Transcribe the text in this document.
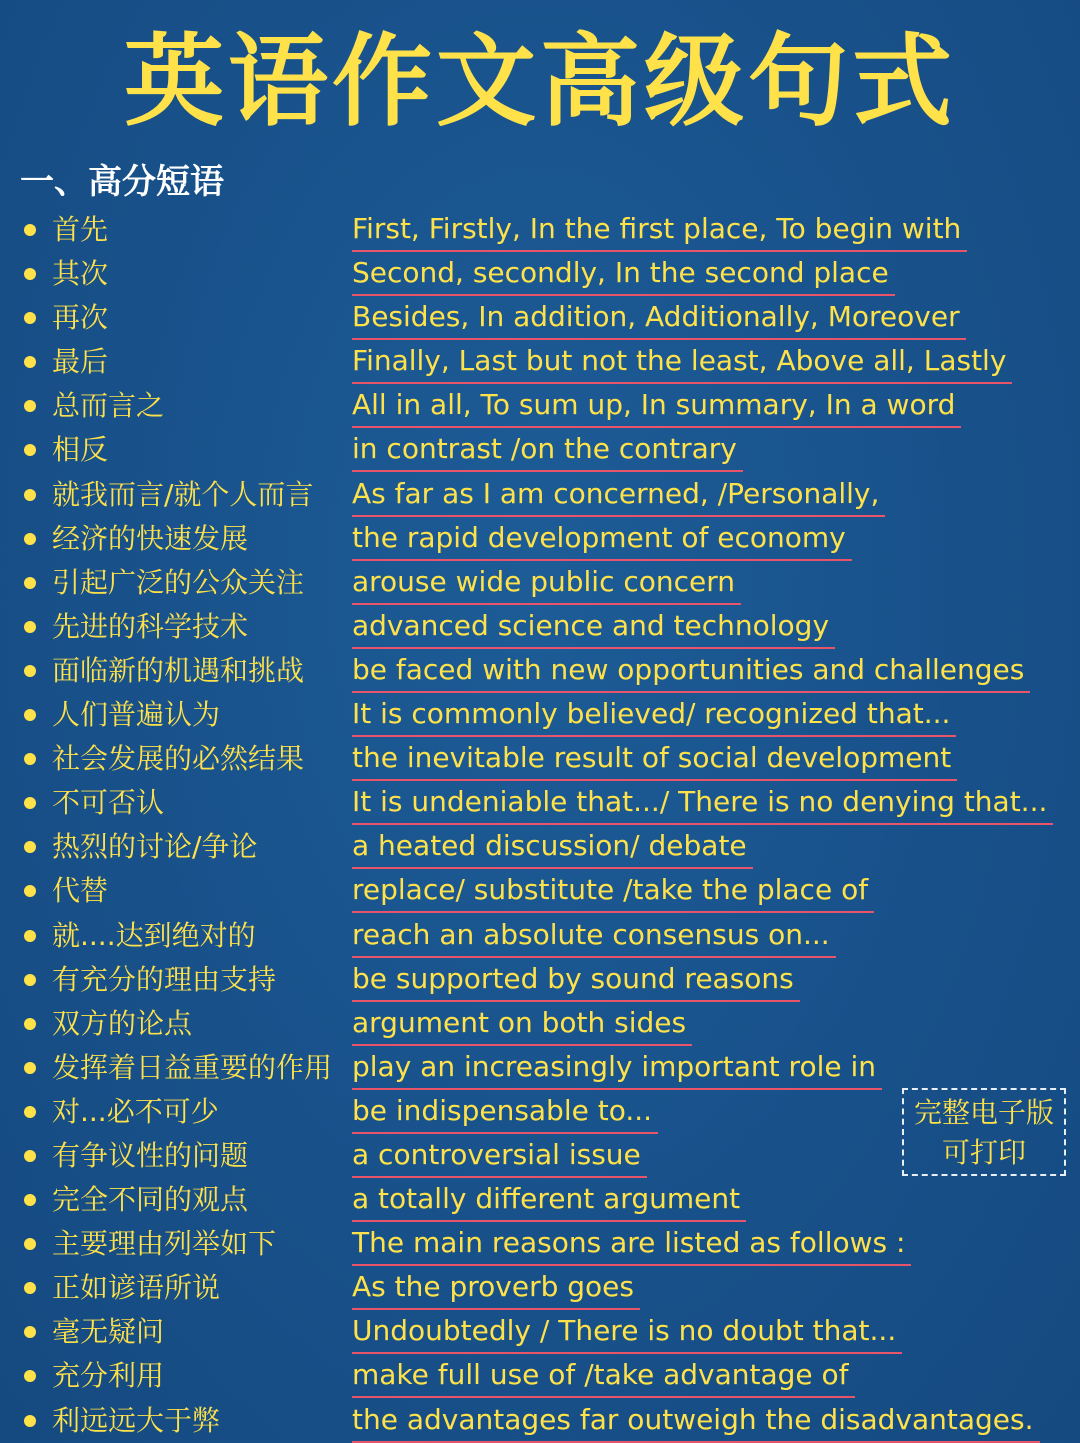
英语作文高级句式
一、高分短语
首先	First, Firstly, In the first place, To begin with
其次	Second, secondly, In the second place
再次	Besides, In addition, Additionally, Moreover
最后	Finally, Last but not the least, Above all, Lastly
总而言之	All in all, To sum up, In summary, In a word
相反	in contrast /on the contrary
就我而言/就个人而言 As far as I am concerned, /Personally,
经济的快速发展	the rapid development of economy
引起广泛的公众关注 arouse wide public concern
先进的科学技术	advanced science and technology
面临新的机遇和挑战 be faced with new opportunities and challenges
人们普遍认为	It is commonly believed/ recognized that...
社会发展的必然结果 the inevitable result of social development
不可否认	It is undeniable that.../ There is no denying that...
热烈的讨论/争论	a heated discussion/ debate
代替	replace/ substitute /take the place of
就....达到绝对的	reach an absolute consensus on...
有充分的理由支持	be supported by sound reasons
双方的论点	argument on both sides
发挥着日益重要的作用 play an increasingly important role in
对...必不可少	be indispensable to...
有争议性的问题	a controversial issue
完全不同的观点	a totally different argument
主要理由列举如下	The main reasons are listed as follows :
正如谚语所说	As the proverb goes
毫无疑问	Undoubtedly / There is no doubt that...
充分利用	make full use of /take advantage of
利远远大于弊	the advantages far outweigh the disadvantages.
完整电子版
可打印
